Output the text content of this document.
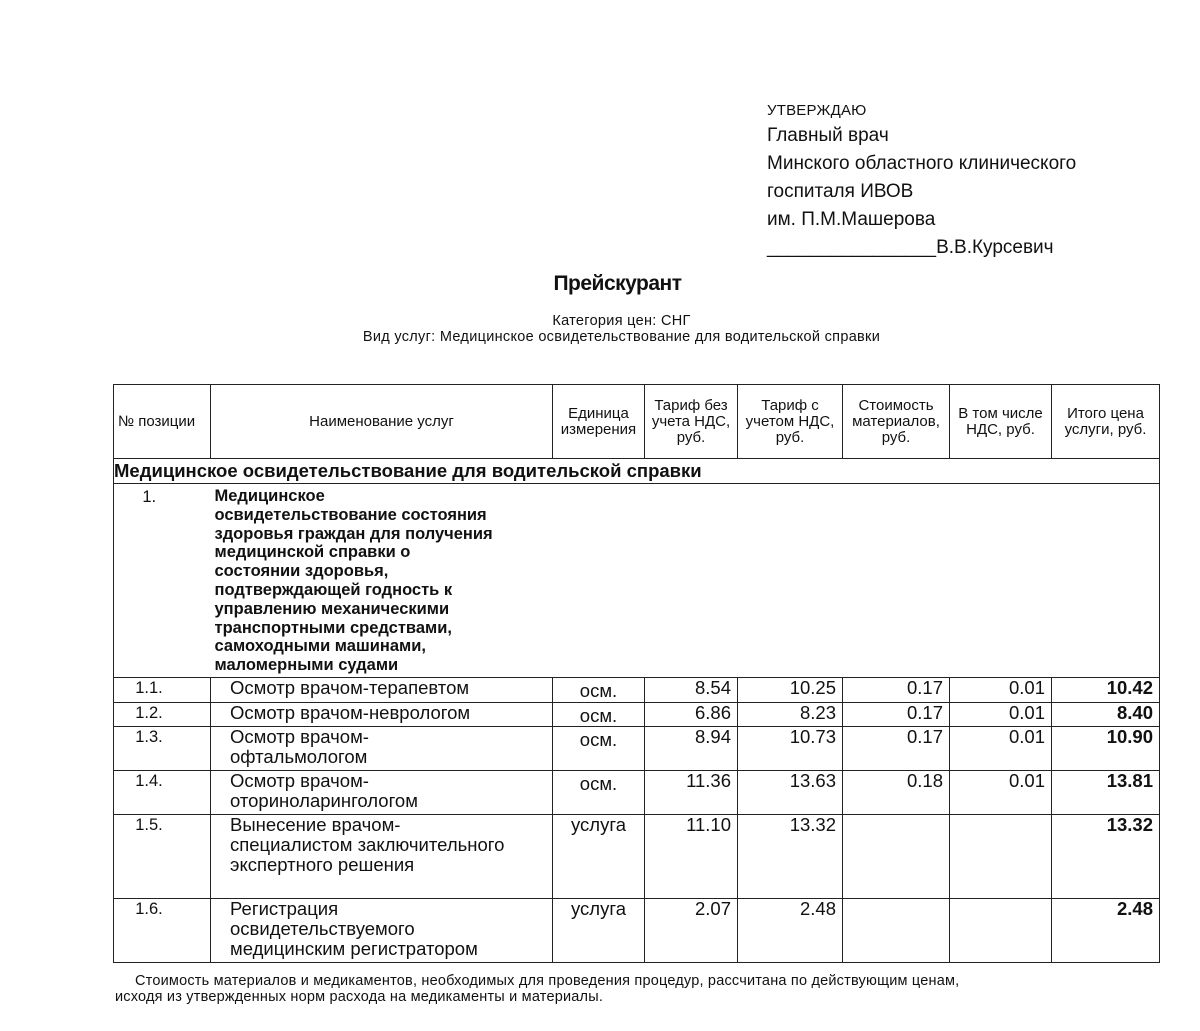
УТВЕРЖДАЮ
Главный врач
Минского областного клинического
госпиталя ИВОВ
им. П.М.Машерова
________________В.В.Курсевич
Прейскурант
Категория цен: СНГ
Вид услуг: Медицинское освидетельствование для водительской справки
№ позиции	Наименование услуг	Единица измерения	Тариф без учета НДС, руб.	Тариф с учетом НДС, руб.	Стоимость материалов, руб.	В том числе НДС, руб.	Итого цена услуги, руб.
Медицинское освидетельствование для водительской справки							
1.	Медицинское освидетельствование состояния здоровья граждан для получения медицинской справки о состоянии здоровья, подтверждающей годность к управлению механическими транспортными средствами, самоходными машинами, маломерными судами						
1.1.	Осмотр врачом-терапевтом	осм.	8.54	10.25	0.17	0.01	10.42
1.2.	Осмотр врачом-неврологом	осм.	6.86	8.23	0.17	0.01	8.40
1.3.	Осмотр врачом-офтальмологом	осм.	8.94	10.73	0.17	0.01	10.90
1.4.	Осмотр врачом-оториноларингологом	осм.	11.36	13.63	0.18	0.01	13.81
1.5.	Вынесение врачом-специалистом заключительного экспертного решения	услуга	11.10	13.32			13.32
1.6.	Регистрация освидетельствуемого медицинским регистратором	услуга	2.07	2.48			2.48
Стоимость материалов и медикаментов, необходимых для проведения процедур, рассчитана по действующим ценам,
исходя из утвержденных норм расхода на медикаменты и материалы.
